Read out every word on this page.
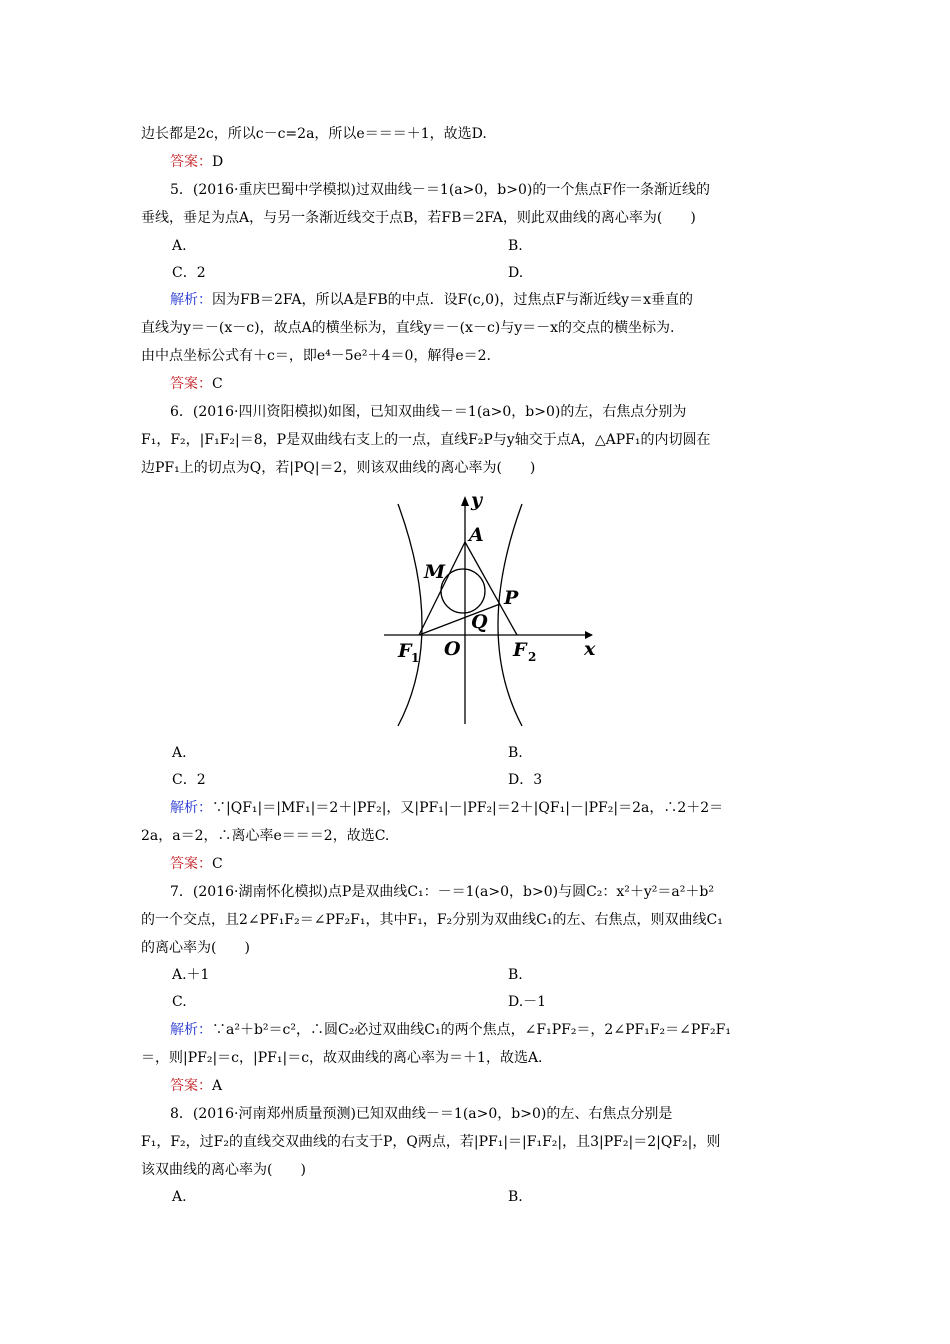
边长都是2c，所以c－c=2a，所以e＝＝＝＋1，故选D.
答案：D
5．(2016·重庆巴蜀中学模拟)过双曲线－＝1(a>0，b>0)的一个焦点F作一条渐近线的
垂线，垂足为点A，与另一条渐近线交于点B，若FB＝2FA，则此双曲线的离心率为(　　)
A.	B.
C．2	D.
解析：因为FB＝2FA，所以A是FB的中点．设F(c,0)，过焦点F与渐近线y＝x垂直的
直线为y＝－(x－c)，故点A的横坐标为，直线y＝－(x－c)与y＝－x的交点的横坐标为.
由中点坐标公式有＋c＝，即e⁴－5e²＋4＝0，解得e＝2.
答案：C
6．(2016·四川资阳模拟)如图，已知双曲线－＝1(a>0，b>0)的左，右焦点分别为
F₁，F₂，|F₁F₂|＝8，P是双曲线右支上的一点，直线F₂P与y轴交于点A，△APF₁的内切圆在
边PF₁上的切点为Q，若|PQ|＝2，则该双曲线的离心率为(　　)
y
x
A
M
P
Q
O
F 1	F 2
A.	B.
C．2	D．3
解析：∵|QF₁|＝|MF₁|＝2＋|PF₂|，又|PF₁|－|PF₂|＝2＋|QF₁|－|PF₂|＝2a，∴2＋2＝
2a，a＝2，∴离心率e＝＝＝2，故选C.
答案：C
7．(2016·湖南怀化模拟)点P是双曲线C₁：－＝1(a>0，b>0)与圆C₂：x²＋y²＝a²＋b²
的一个交点，且2∠PF₁F₂＝∠PF₂F₁，其中F₁，F₂分别为双曲线C₁的左、右焦点，则双曲线C₁
的离心率为(　　)
A.＋1	B.
C.	D.－1
解析：∵a²＋b²＝c²，∴圆C₂必过双曲线C₁的两个焦点，∠F₁PF₂＝，2∠PF₁F₂＝∠PF₂F₁
＝，则|PF₂|＝c，|PF₁|＝c，故双曲线的离心率为＝＋1，故选A.
答案：A
8．(2016·河南郑州质量预测)已知双曲线－＝1(a>0，b>0)的左、右焦点分别是
F₁，F₂，过F₂的直线交双曲线的右支于P，Q两点，若|PF₁|＝|F₁F₂|，且3|PF₂|＝2|QF₂|，则
该双曲线的离心率为(　　)
A.	B.
